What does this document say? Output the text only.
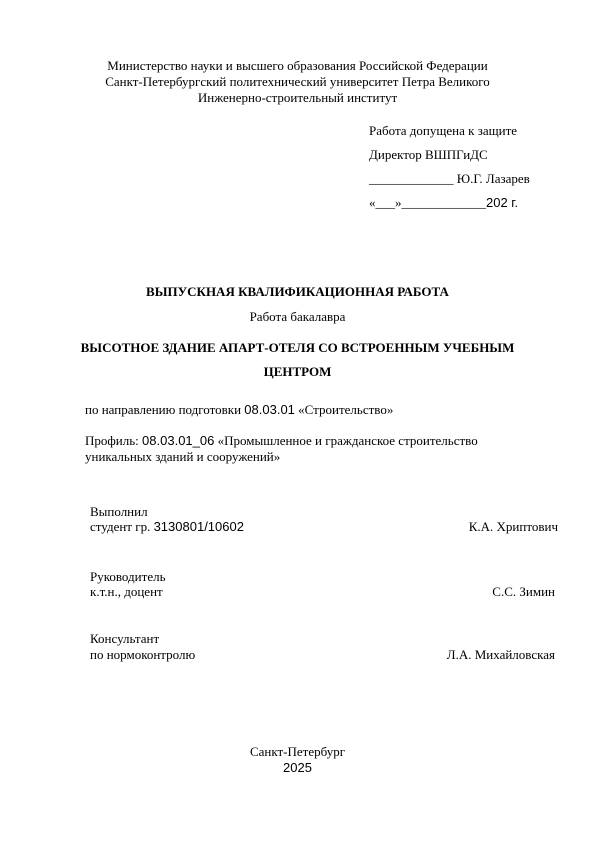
Министерство науки и высшего образования Российской Федерации
Санкт-Петербургский политехнический университет Петра Великого
Инженерно-строительный институт
Работа допущена к защите
Директор ВШПГиДС
_____________ Ю.Г. Лазарев
«___»_____________202 г.
ВЫПУСКНАЯ КВАЛИФИКАЦИОННАЯ РАБОТА
Работа бакалавра
ВЫСОТНОЕ ЗДАНИЕ АПАРТ-ОТЕЛЯ СО ВСТРОЕННЫМ УЧЕБНЫМ
ЦЕНТРОМ
по направлению подготовки 08.03.01 «Строительство»
Профиль: 08.03.01_06 «Промышленное и гражданское строительство
уникальных зданий и сооружений»
Выполнил
студент гр. 3130801/10602	К.А. Хриптович
Руководитель
к.т.н., доцент	С.С. Зимин
Консультант
по нормоконтролю	Л.А. Михайловская
Санкт-Петербург
2025
